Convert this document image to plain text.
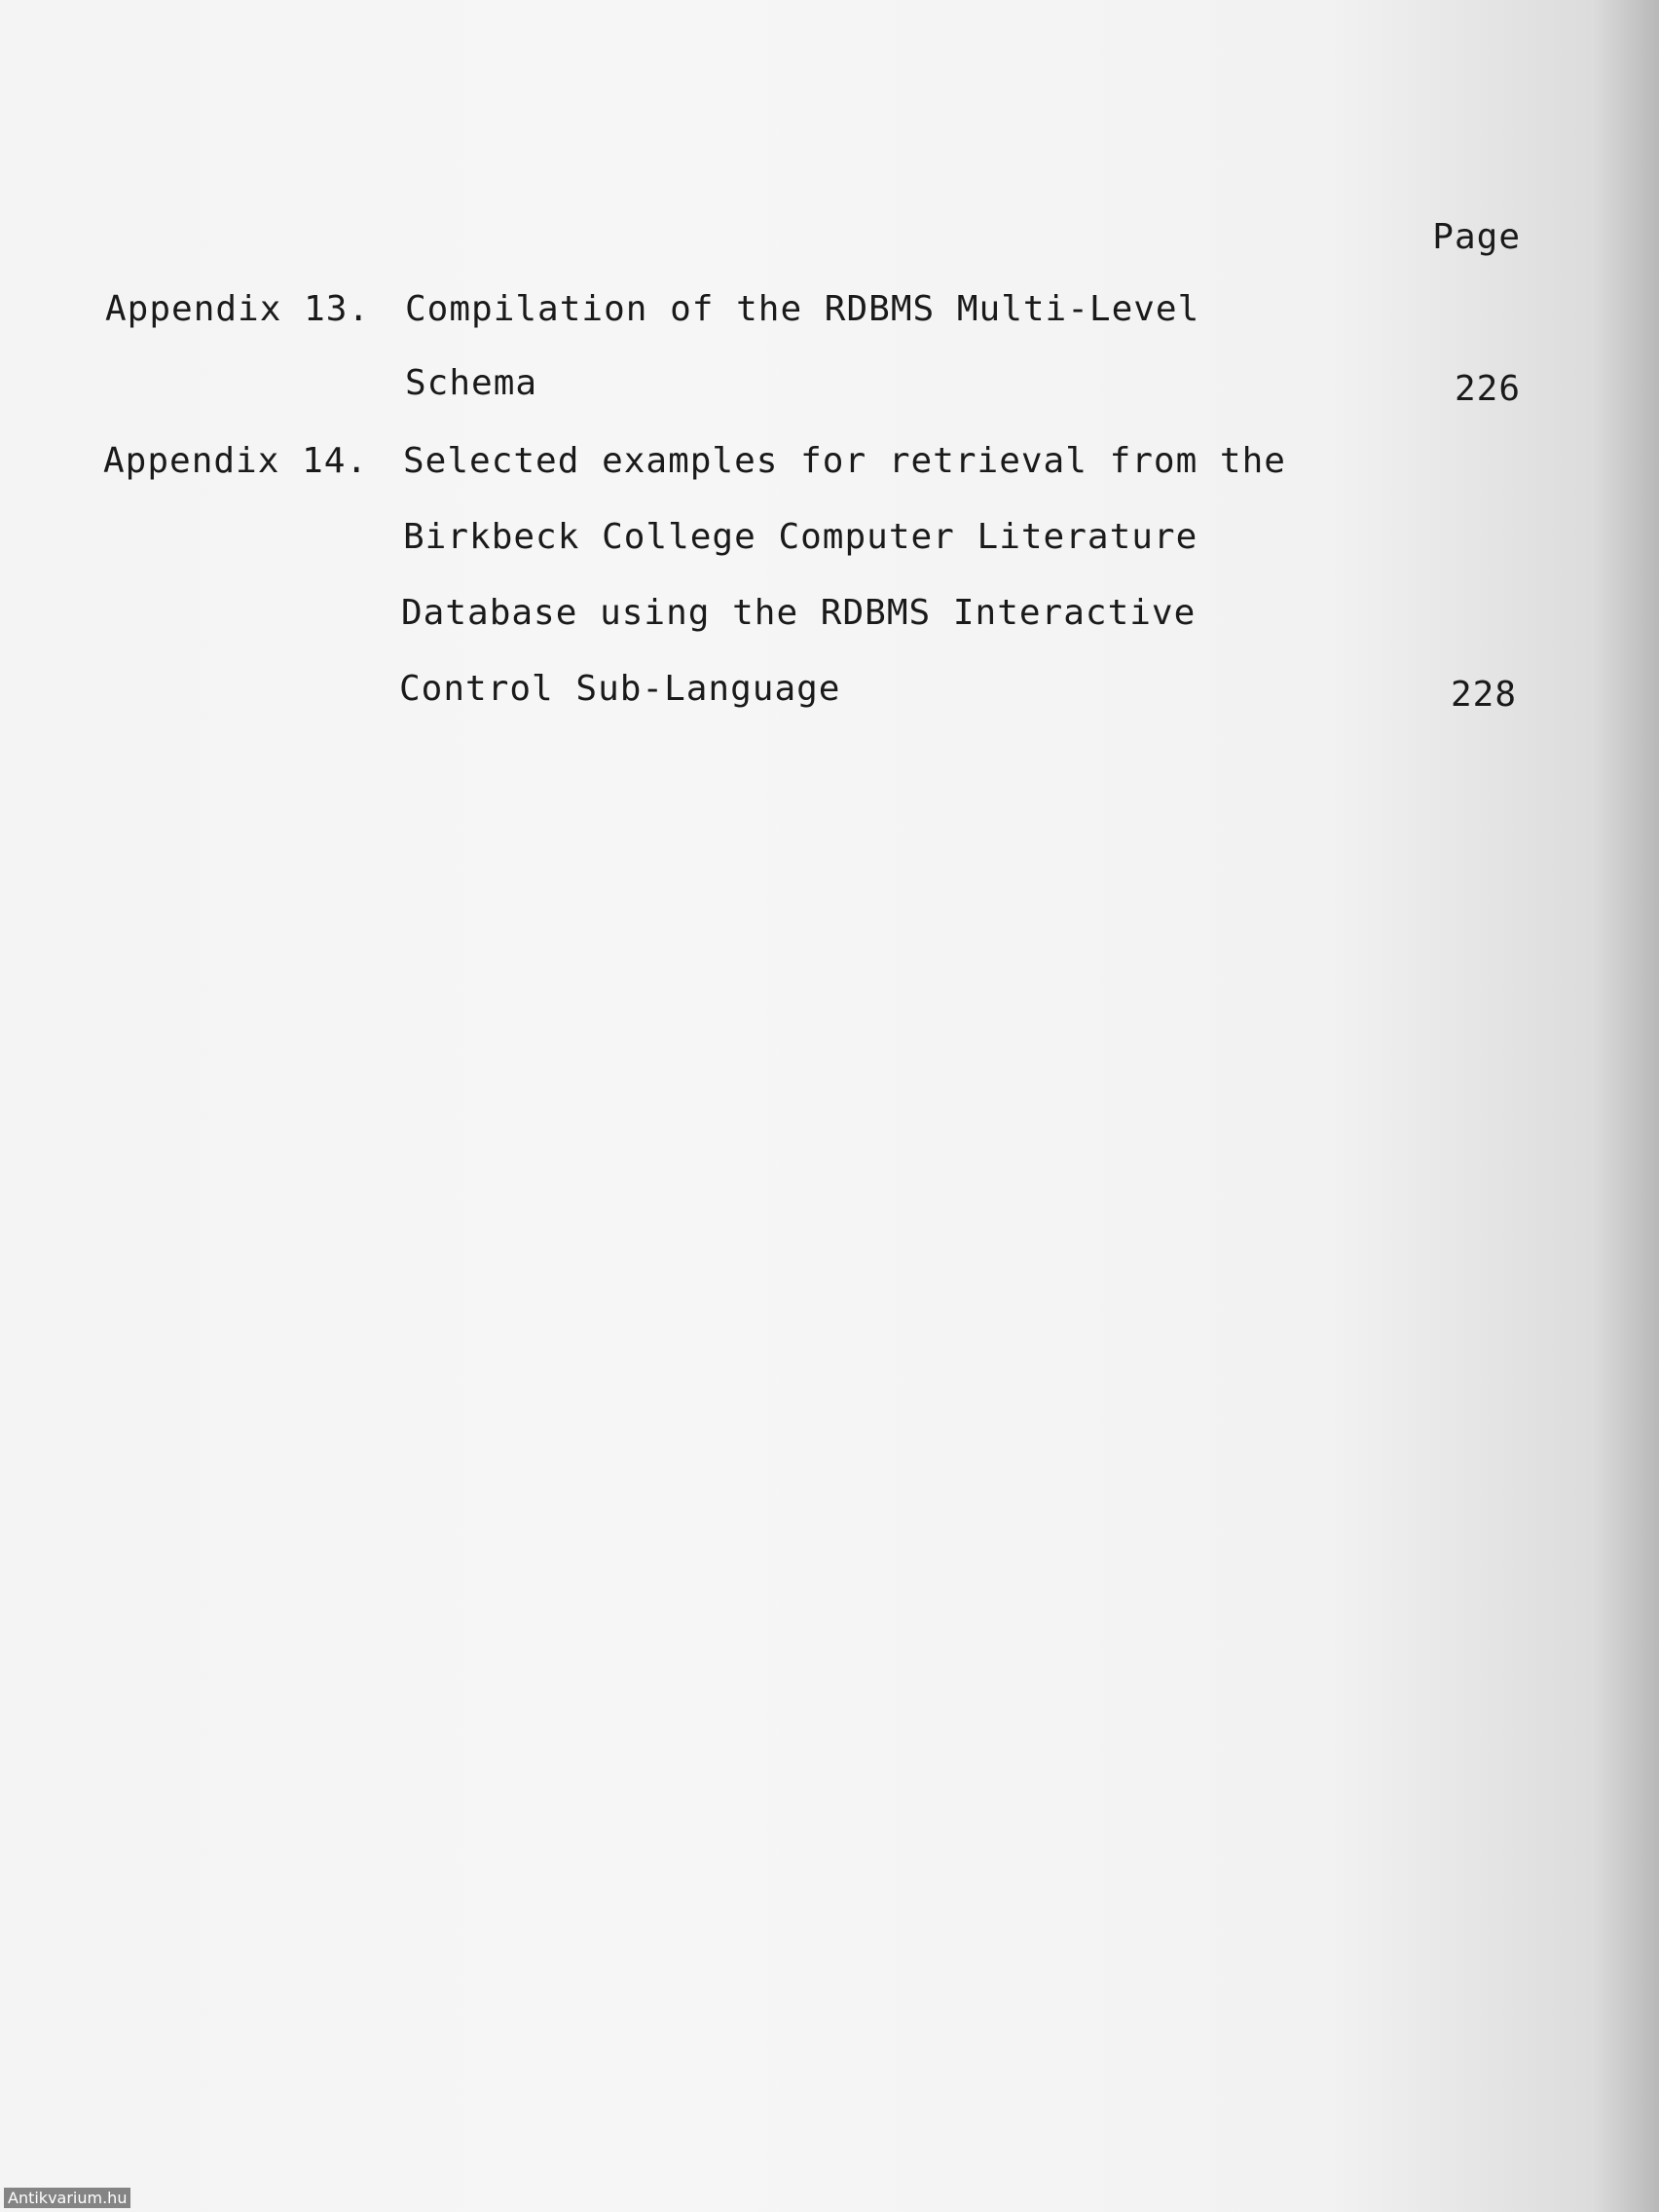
Page
Appendix 13. Compilation of the RDBMS Multi-Level
Schema	226
Appendix 14. Selected examples for retrieval from the
Birkbeck College Computer Literature
Database using the RDBMS Interactive
Control Sub-Language	228
Antikvarium.hu
